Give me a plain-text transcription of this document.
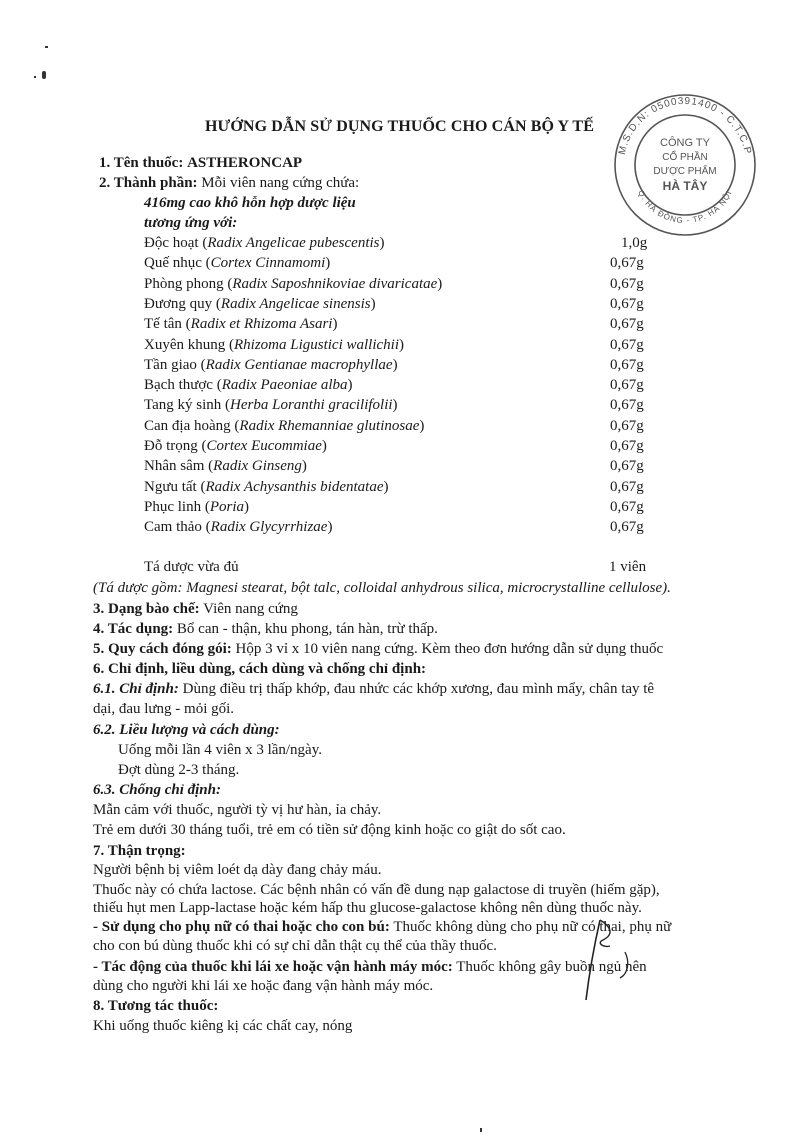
HƯỚNG DẪN SỬ DỤNG THUỐC CHO CÁN BỘ Y TẾ
M.S.D.N: 0500391400 - C.T.C.P
Q. HÀ ĐÔNG - TP. HÀ NỘI
CÔNG TY
CỔ PHẦN
DƯỢC PHẨM
HÀ TÂY
1. Tên thuốc: ASTHERONCAP
2. Thành phần: Mỗi viên nang cứng chứa:
416mg cao khô hỗn hợp dược liệu
tương ứng với:
Độc hoạt (Radix Angelicae pubescentis)	1,0g
Quế nhục (Cortex Cinnamomi)	0,67g
Phòng phong (Radix Saposhnikoviae divaricatae)	0,67g
Đương quy (Radix Angelicae sinensis)	0,67g
Tế tân (Radix et Rhizoma Asari)	0,67g
Xuyên khung (Rhizoma Ligustici wallichii)	0,67g
Tần giao (Radix Gentianae macrophyllae)	0,67g
Bạch thược (Radix Paeoniae alba)	0,67g
Tang ký sinh (Herba Loranthi gracilifolii)	0,67g
Can địa hoàng (Radix Rhemanniae glutinosae)	0,67g
Đỗ trọng (Cortex Eucommiae)	0,67g
Nhân sâm (Radix Ginseng)	0,67g
Ngưu tất (Radix Achysanthis bidentatae)	0,67g
Phục linh (Poria)	0,67g
Cam thảo (Radix Glycyrrhizae)	0,67g
Tá dược vừa đủ	1 viên
(Tá dược gồm: Magnesi stearat, bột talc, colloidal anhydrous silica, microcrystalline cellulose).
3. Dạng bào chế: Viên nang cứng
4. Tác dụng: Bổ can - thận, khu phong, tán hàn, trừ thấp.
5. Quy cách đóng gói: Hộp 3 vỉ x 10 viên nang cứng. Kèm theo đơn hướng dẫn sử dụng thuốc
6. Chỉ định, liều dùng, cách dùng và chống chỉ định:
6.1. Chỉ định: Dùng điều trị thấp khớp, đau nhức các khớp xương, đau mình mẩy, chân tay tê
dại, đau lưng - mỏi gối.
6.2. Liều lượng và cách dùng:
Uống mỗi lần 4 viên x 3 lần/ngày.
Đợt dùng 2-3 tháng.
6.3. Chống chỉ định:
Mẫn cảm với thuốc, người tỳ vị hư hàn, ỉa chảy.
Trẻ em dưới 30 tháng tuổi, trẻ em có tiền sử động kinh hoặc co giật do sốt cao.
7. Thận trọng:
Người bệnh bị viêm loét dạ dày đang chảy máu.
Thuốc này có chứa lactose. Các bệnh nhân có vấn đề dung nạp galactose di truyền (hiếm gặp),
thiếu hụt men Lapp-lactase hoặc kém hấp thu glucose-galactose không nên dùng thuốc này.
- Sử dụng cho phụ nữ có thai hoặc cho con bú: Thuốc không dùng cho phụ nữ có thai, phụ nữ
cho con bú dùng thuốc khi có sự chỉ dẫn thật cụ thể của thầy thuốc.
- Tác động của thuốc khi lái xe hoặc vận hành máy móc: Thuốc không gây buồn ngủ nên
dùng cho người khi lái xe hoặc đang vận hành máy móc.
8. Tương tác thuốc:
Khi uống thuốc kiêng kị các chất cay, nóng
